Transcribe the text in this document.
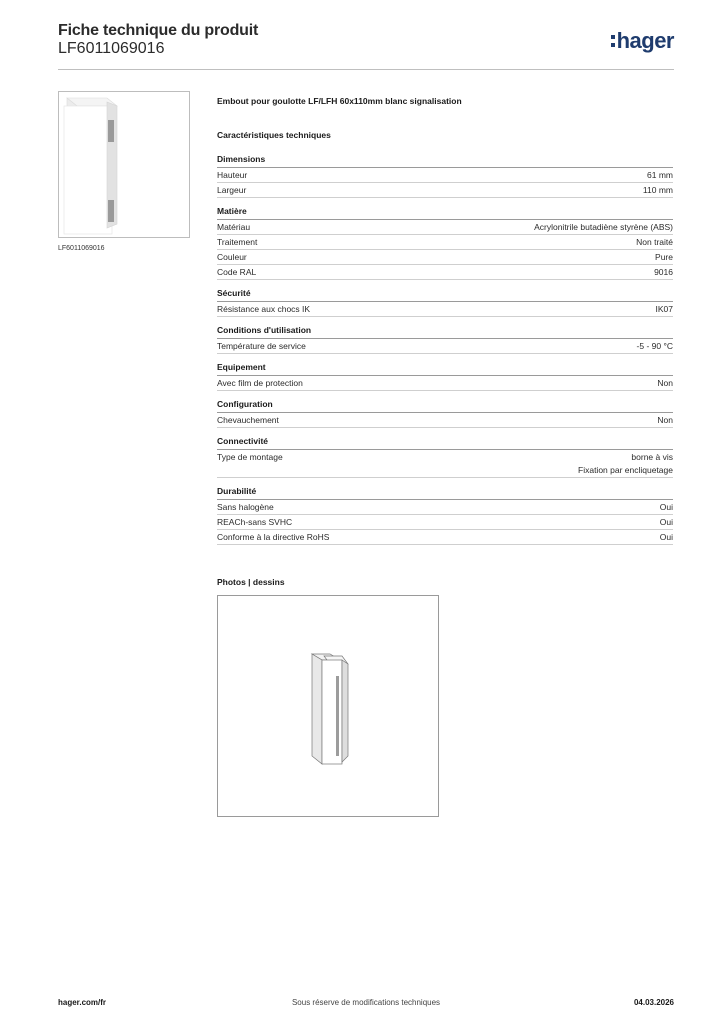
Fiche technique du produit
LF6011069016	hager
LF6011069016
Embout pour goulotte LF/LFH 60x110mm blanc signalisation
Caractéristiques techniques
Dimensions
Hauteur	61 mm
Largeur	110 mm
Matière
Matériau	Acrylonitrile butadiène styrène (ABS)
Traitement	Non traité
Couleur	Pure
Code RAL	9016
Sécurité
Résistance aux chocs IK	IK07
Conditions d'utilisation
Température de service	-5 - 90 °C
Equipement
Avec film de protection	Non
Configuration
Chevauchement	Non
Connectivité
Type de montage	borne à vis
Fixation par encliquetage
Durabilité
Sans halogène	Oui
REACh-sans SVHC	Oui
Conforme à la directive RoHS	Oui
Photos | dessins
hager.com/fr	Sous réserve de modifications techniques	04.03.2026
